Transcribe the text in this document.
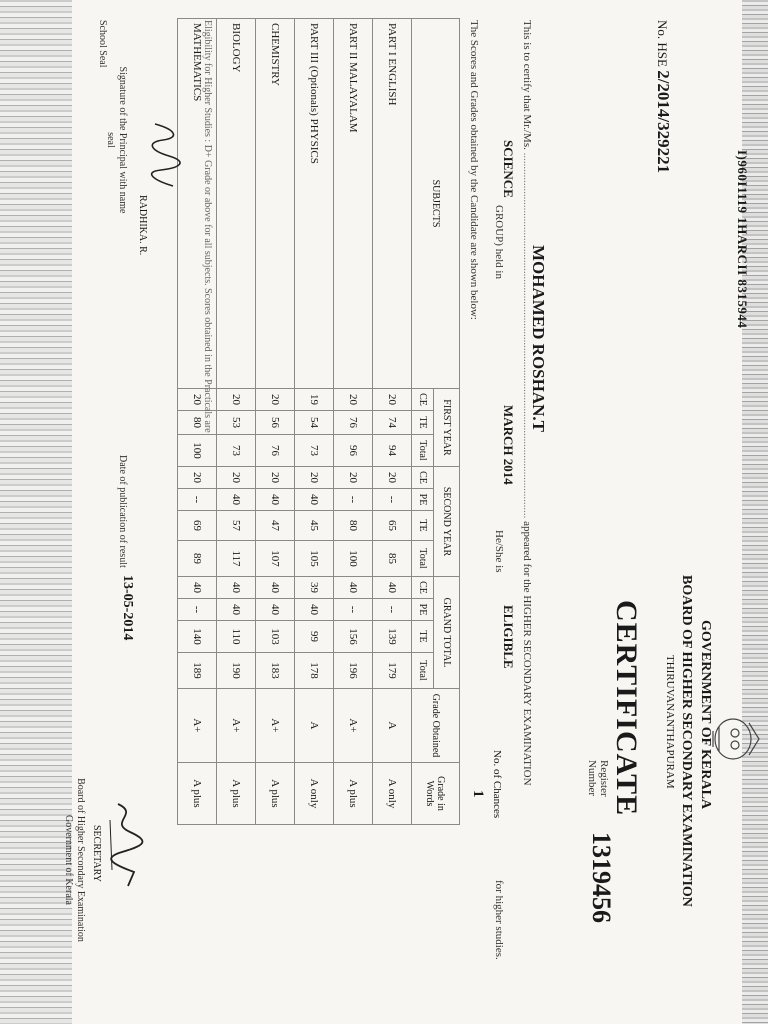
I)960I1119 1HARCII 8315944
No. HSE 2/2014/329221
GOVERNMENT OF KERALA
BOARD OF HIGHER SECONDARY EXAMINATION
THIRUVANANTHAPURAM
CERTIFICATE
Register Number
1319456
This is to certify that Mr./Ms. ..................................................................................................................................... appeared for the HIGHER SECONDARY EXAMINATION
MOHAMED ROSHAN.T
SCIENCE
GROUP) held in
MARCH 2014
He/She is
ELIGIBLE
for higher studies.
No. of Chances
1
The Scores and Grades obtained by the Candidate are shown below:
SUBJECTS	FIRST YEAR			SECOND YEAR				GRAND TOTAL				Grade Obtained	Grade in Words
	CE	TE	Total	CE	PE	TE	Total	CE	PE	TE	Total		
PART I ENGLISH	20	74	94	20	--	65	85	40	--	139	179	A	A only
PART II MALAYALAM	20	76	96	20	--	80	100	40	--	156	196	A+	A plus
PART III (Optionals) PHYSICS	19	54	73	20	40	45	105	39	40	99	178	A	A only
CHEMISTRY	20	56	76	20	40	47	107	40	40	103	183	A+	A plus
BIOLOGY	20	53	73	20	40	57	117	40	40	110	190	A+	A plus
MATHEMATICS	20	80	100	20	--	69	89	40	--	140	189	A+	A plus
Eligibility for Higher Studies : D+ Grade or above for all subjects. Scores obtained in the Practicals are
RADHIKA. R.
Signature of the Principal with name seal
School Seal
Date of publication of result
13-05-2014
SECRETARY
Board of Higher Secondary Examination Government of Kerala
